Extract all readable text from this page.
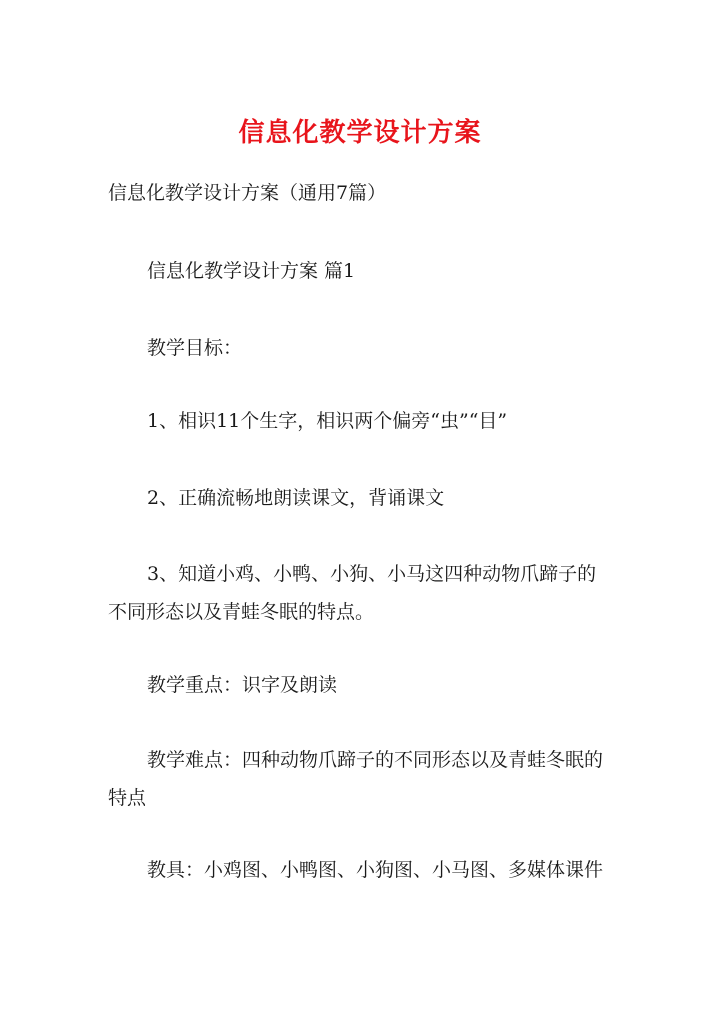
信息化教学设计方案
信息化教学设计方案（通用7篇）
信息化教学设计方案 篇1
教学目标：
1、相识11个生字，相识两个偏旁“虫”“目”
2、正确流畅地朗读课文，背诵课文
3、知道小鸡、小鸭、小狗、小马这四种动物爪蹄子的不同形态以及青蛙冬眠的特点。
教学重点：识字及朗读
教学难点：四种动物爪蹄子的不同形态以及青蛙冬眠的特点
教具：小鸡图、小鸭图、小狗图、小马图、多媒体课件
